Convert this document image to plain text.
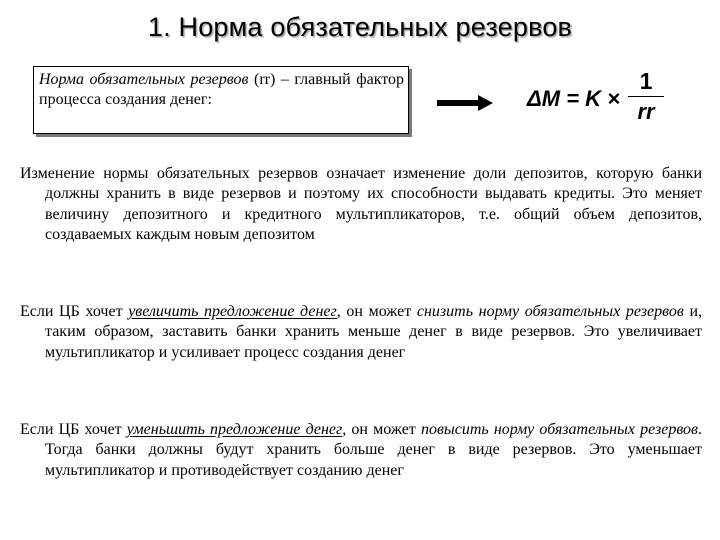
1. Норма обязательных резервов
Норма обязательных резервов (rr) – главный фактор процесса создания денег:	ΔM = K ×
1
rr
Изменение нормы обязательных резервов означает изменение доли депозитов, которую банки должны хранить в виде резервов и поэтому их способности выдавать кредиты. Это меняет величину депозитного и кредитного мультипликаторов, т.е. общий объем депозитов, создаваемых каждым новым депозитом
Если ЦБ хочет увеличить предложение денег, он может снизить норму обязательных резервов и, таким образом, заставить банки хранить меньше денег в виде резервов. Это увеличивает мультипликатор и усиливает процесс создания денег
Если ЦБ хочет уменьшить предложение денег, он может повысить норму обязательных резервов. Тогда банки должны будут хранить больше денег в виде резервов. Это уменьшает мультипликатор и противодействует созданию денег
